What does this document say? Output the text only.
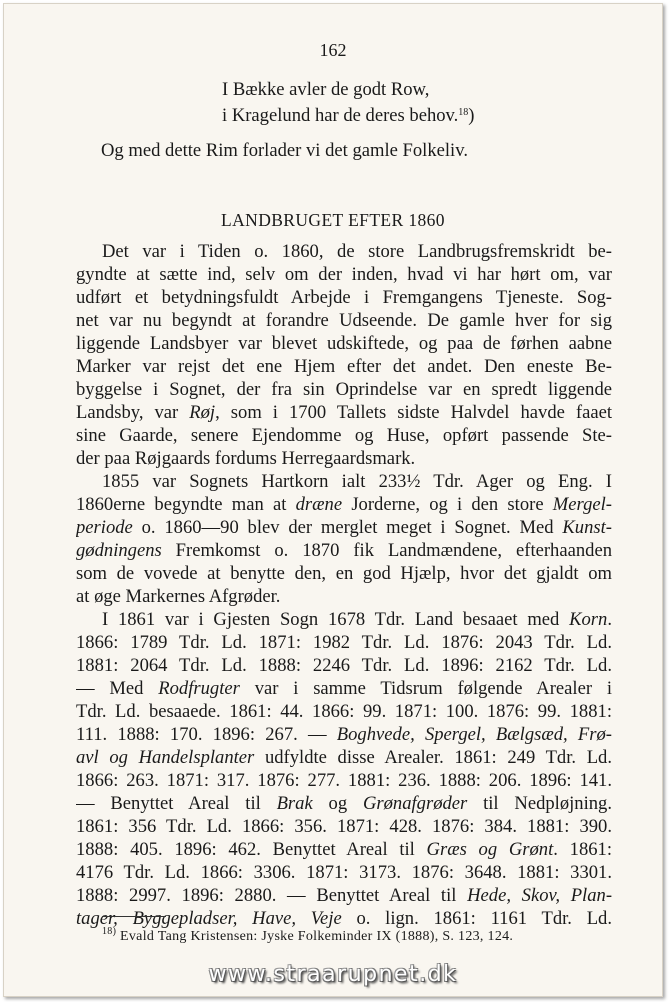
162
I Bække avler de godt Row,
i Kragelund har de deres behov.$^{18}$)
Og med dette Rim forlader vi det gamle Folkeliv.
LANDBRUGET EFTER 1860
Det var i Tiden o. 1860, de store Landbrugsfremskridt be-
gyndte at sætte ind, selv om der inden, hvad vi har hørt om, var
udført et betydningsfuldt Arbejde i Fremgangens Tjeneste. Sog-
net var nu begyndt at forandre Udseende. De gamle hver for sig
liggende Landsbyer var blevet udskiftede, og paa de førhen aabne
Marker var rejst det ene Hjem efter det andet. Den eneste Be-
byggelse i Sognet, der fra sin Oprindelse var en spredt liggende
Landsby, var Røj, som i 1700 Tallets sidste Halvdel havde faaet
sine Gaarde, senere Ejendomme og Huse, opført passende Ste-
der paa Røjgaards fordums Herregaardsmark.
1855 var Sognets Hartkorn ialt 233½ Tdr. Ager og Eng. I
1860erne begyndte man at dræne Jorderne, og i den store Mergel-
periode o. 1860—90 blev der merglet meget i Sognet. Med Kunst-
gødningens Fremkomst o. 1870 fik Landmændene, efterhaanden
som de vovede at benytte den, en god Hjælp, hvor det gjaldt om
at øge Markernes Afgrøder.
I 1861 var i Gjesten Sogn 1678 Tdr. Land besaaet med Korn.
1866: 1789 Tdr. Ld. 1871: 1982 Tdr. Ld. 1876: 2043 Tdr. Ld.
1881: 2064 Tdr. Ld. 1888: 2246 Tdr. Ld. 1896: 2162 Tdr. Ld.
— Med Rodfrugter var i samme Tidsrum følgende Arealer i
Tdr. Ld. besaaede. 1861: 44. 1866: 99. 1871: 100. 1876: 99. 1881:
111. 1888: 170. 1896: 267. — Boghvede, Spergel, Bælgsæd, Frø-
avl og Handelsplanter udfyldte disse Arealer. 1861: 249 Tdr. Ld.
1866: 263. 1871: 317. 1876: 277. 1881: 236. 1888: 206. 1896: 141.
— Benyttet Areal til Brak og Grønafgrøder til Nedpløjning.
1861: 356 Tdr. Ld. 1866: 356. 1871: 428. 1876: 384. 1881: 390.
1888: 405. 1896: 462. Benyttet Areal til Græs og Grønt. 1861:
4176 Tdr. Ld. 1866: 3306. 1871: 3173. 1876: 3648. 1881: 3301.
1888: 2997. 1896: 2880. — Benyttet Areal til Hede, Skov, Plan-
tager, Byggepladser, Have, Veje o. lign. 1861: 1161 Tdr. Ld.
$^{18)}$ Evald Tang Kristensen: Jyske Folkeminder IX (1888), S. 123, 124.
www.straarupnet.dk
